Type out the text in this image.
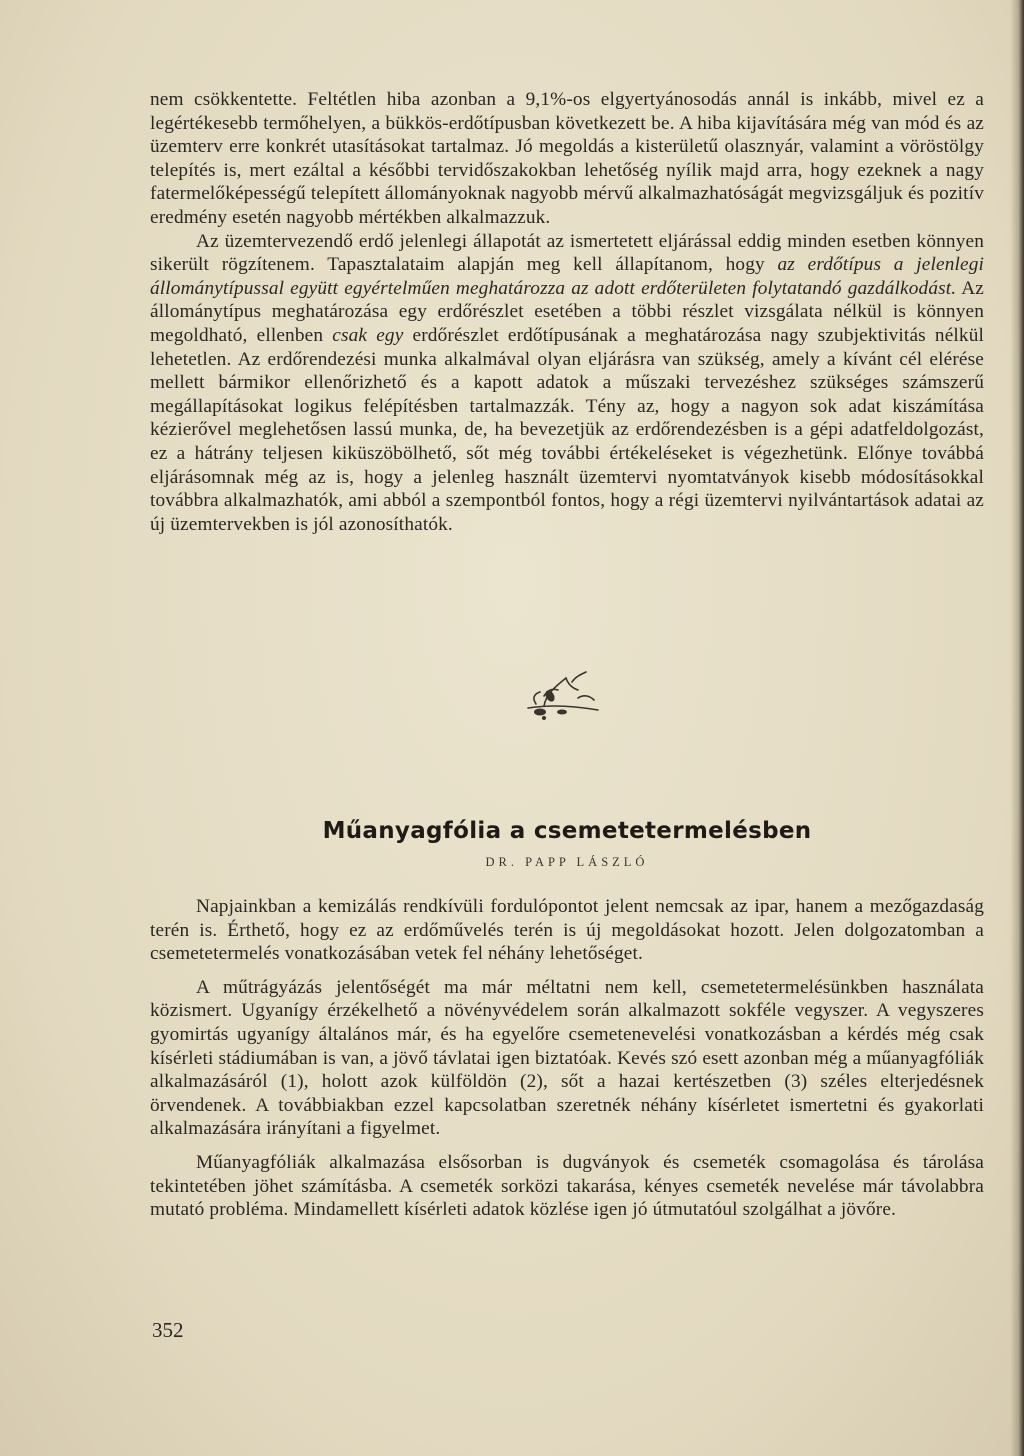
nem csökkentette. Feltétlen hiba azonban a 9,1%-os elgyertyánosodás annál is inkább, mivel ez a legértékesebb termőhelyen, a bükkös-erdőtípusban következett be. A hiba kijavítására még van mód és az üzemterv erre konkrét utasításokat tartalmaz. Jó megoldás a kisterületű olasznyár, valamint a vöröstölgy telepítés is, mert ezáltal a későbbi tervidőszakokban lehetőség nyílik majd arra, hogy ezeknek a nagy fatermelőképességű telepített állományoknak nagyobb mérvű alkalmazhatóságát megvizsgáljuk és pozitív eredmény esetén nagyobb mértékben alkalmazzuk.

Az üzemtervezendő erdő jelenlegi állapotát az ismertetett eljárással eddig minden esetben könnyen sikerült rögzítenem. Tapasztalataim alapján meg kell állapítanom, hogy az erdőtípus a jelenlegi állománytípussal együtt egyértelműen meghatározza az adott erdőterületen folytatandó gazdálkodást. Az állománytípus meghatározása egy erdőrészlet esetében a többi részlet vizsgálata nélkül is könnyen megoldható, ellenben csak egy erdőrészlet erdőtípusának a meghatározása nagy szubjektivitás nélkül lehetetlen. Az erdőrendezési munka alkalmával olyan eljárásra van szükség, amely a kívánt cél elérése mellett bármikor ellenőrizhető és a kapott adatok a műszaki tervezéshez szükséges számszerű megállapításokat logikus felépítésben tartalmazzák. Tény az, hogy a nagyon sok adat kiszámítása kézierővel meglehetősen lassú munka, de, ha bevezetjük az erdőrendezésben is a gépi adatfeldolgozást, ez a hátrány teljesen kiküszöbölhető, sőt még további értékeléseket is végezhetünk. Előnye továbbá eljárásomnak még az is, hogy a jelenleg használt üzemtervi nyomtatványok kisebb módosításokkal továbbra alkalmazhatók, ami abból a szempontból fontos, hogy a régi üzemtervi nyilvántartások adatai az új üzemtervekben is jól azonosíthatók.

Műanyagfólia a csemetetermelésben
DR. PAPP LÁSZLÓ

Napjainkban a kemizálás rendkívüli fordulópontot jelent nemcsak az ipar, hanem a mezőgazdaság terén is. Érthető, hogy ez az erdőművelés terén is új megoldásokat hozott. Jelen dolgozatomban a csemetetermelés vonatkozásában vetek fel néhány lehetőséget.

A műtrágyázás jelentőségét ma már méltatni nem kell, csemetetermelésünkben használata közismert. Ugyanígy érzékelhető a növényvédelem során alkalmazott sokféle vegyszer. A vegyszeres gyomirtás ugyanígy általános már, és ha egyelőre csemetenevelési vonatkozásban a kérdés még csak kísérleti stádiumában is van, a jövő távlatai igen biztatóak. Kevés szó esett azonban még a műanyagfóliák alkalmazásáról (1), holott azok külföldön (2), sőt a hazai kertészetben (3) széles elterjedésnek örvendenek. A továbbiakban ezzel kapcsolatban szeretnék néhány kísérletet ismertetni és gyakorlati alkalmazására irányítani a figyelmet.

Műanyagfóliák alkalmazása elsősorban is dugványok és csemeték csomagolása és tárolása tekintetében jöhet számításba. A csemeték sorközi takarása, kényes csemeték nevelése már távolabbra mutató probléma. Mindamellett kísérleti adatok közlése igen jó útmutatóul szolgálhat a jövőre.

352
